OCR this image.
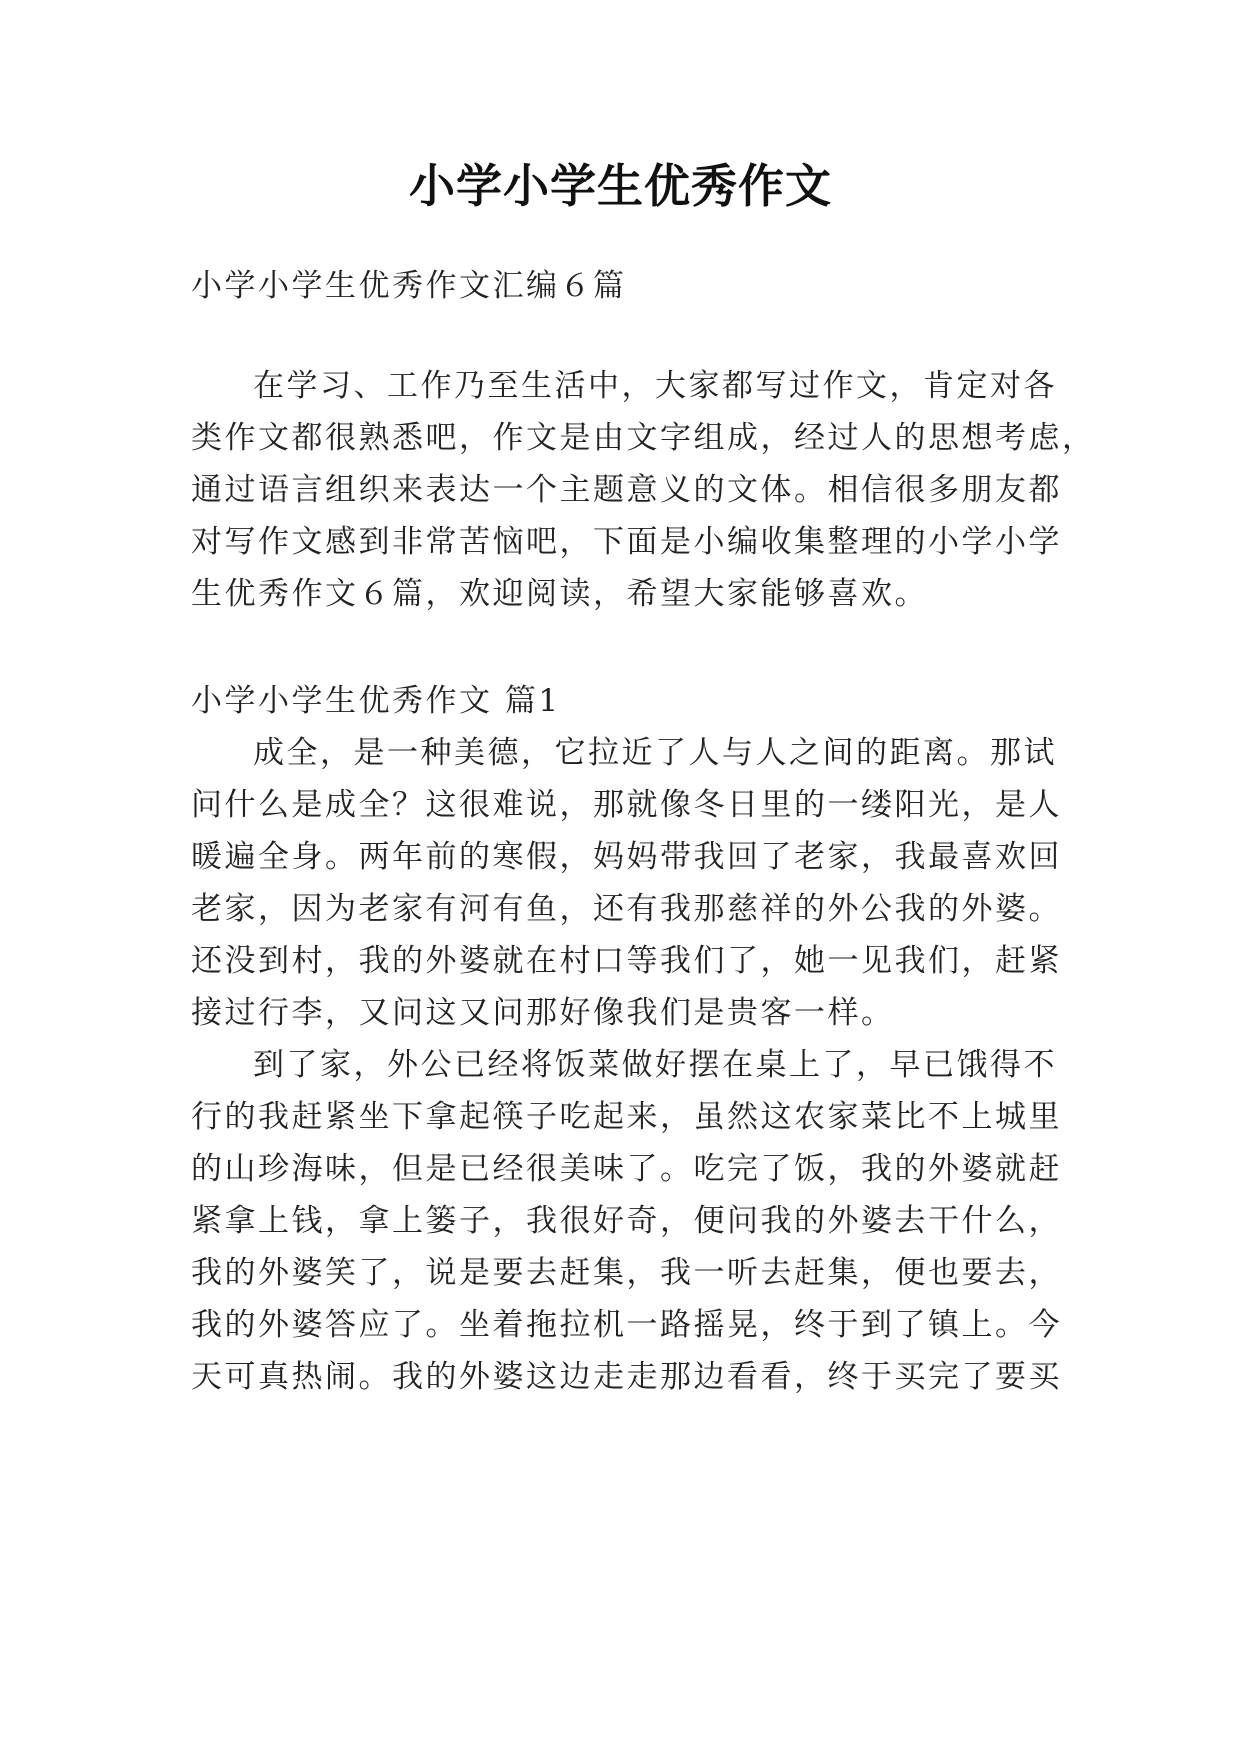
小学小学生优秀作文
小学小学生优秀作文汇编６篇
在学习、工作乃至生活中，大家都写过作文，肯定对各
类作文都很熟悉吧，作文是由文字组成，经过人的思想考虑，
通过语言组织来表达一个主题意义的文体。相信很多朋友都
对写作文感到非常苦恼吧，下面是小编收集整理的小学小学
生优秀作文６篇，欢迎阅读，希望大家能够喜欢。
小学小学生优秀作文 篇1
成全，是一种美德，它拉近了人与人之间的距离。那试
问什么是成全？这很难说，那就像冬日里的一缕阳光，是人
暖遍全身。两年前的寒假，妈妈带我回了老家，我最喜欢回
老家，因为老家有河有鱼，还有我那慈祥的外公我的外婆。
还没到村，我的外婆就在村口等我们了，她一见我们，赶紧
接过行李，又问这又问那好像我们是贵客一样。
到了家，外公已经将饭菜做好摆在桌上了，早已饿得不
行的我赶紧坐下拿起筷子吃起来，虽然这农家菜比不上城里
的山珍海味，但是已经很美味了。吃完了饭，我的外婆就赶
紧拿上钱，拿上篓子，我很好奇，便问我的外婆去干什么，
我的外婆笑了，说是要去赶集，我一听去赶集，便也要去，
我的外婆答应了。坐着拖拉机一路摇晃，终于到了镇上。今
天可真热闹。我的外婆这边走走那边看看，终于买完了要买
